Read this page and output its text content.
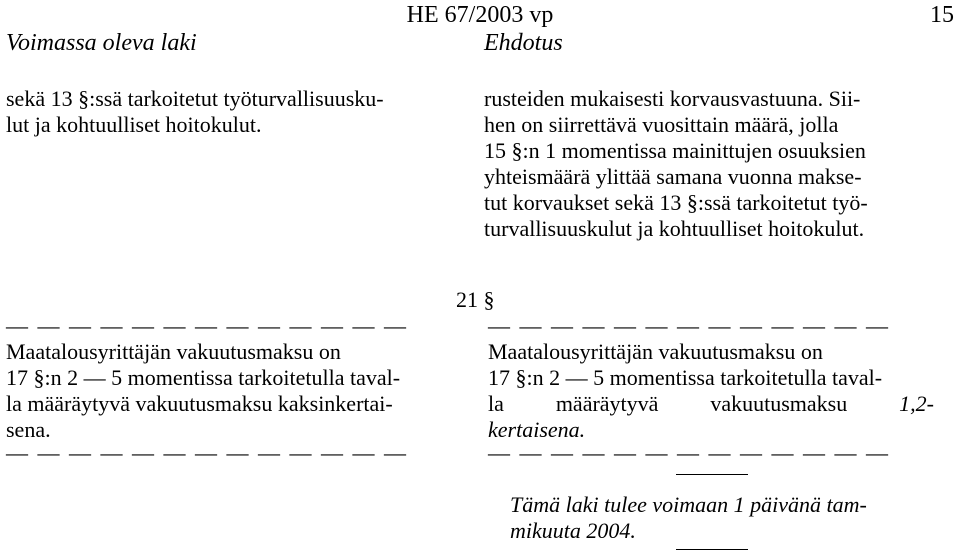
HE 67/2003 vp	15
Voimassa oleva laki	Ehdotus
sekä 13 §:ssä tarkoitetut työturvallisuusku-
lut ja kohtuulliset hoitokulut.
— — — — — — — — — — — — —
Maatalousyrittäjän vakuutusmaksu on
17 §:n 2 — 5 momentissa tarkoitetulla taval-
la määräytyvä vakuutusmaksu kaksinkertai-
sena.
— — — — — — — — — — — — —
rusteiden mukaisesti korvausvastuuna. Sii-
hen on siirrettävä vuosittain määrä, jolla
15 §:n 1 momentissa mainittujen osuuksien
yhteismäärä ylittää samana vuonna makse-
tut korvaukset sekä 13 §:ssä tarkoitetut työ-
turvallisuuskulut ja kohtuulliset hoitokulut.
21 §
— — — — — — — — — — — — —
Maatalousyrittäjän vakuutusmaksu on
17 §:n 2 — 5 momentissa tarkoitetulla taval-
la määräytyvä vakuutusmaksu 1,2-
kertaisena.
— — — — — — — — — — — — —
Tämä laki tulee voimaan 1 päivänä tam-
mikuuta 2004.
